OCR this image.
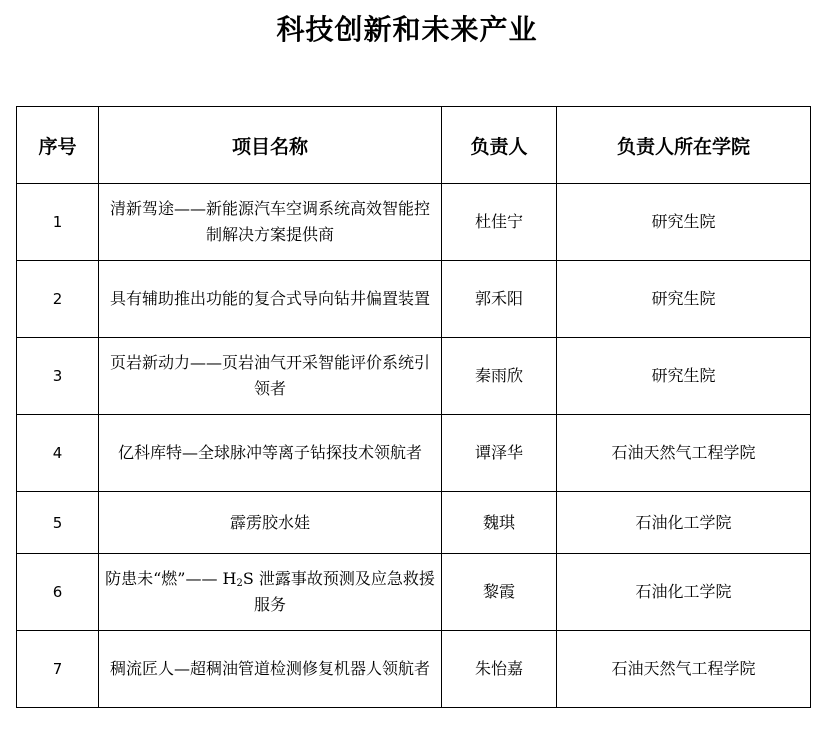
科技创新和未来产业
序号	项目名称	负责人	负责人所在学院
1	清新驾途——新能源汽车空调系统高效智能控制解决方案提供商	杜佳宁	研究生院
2	具有辅助推出功能的复合式导向钻井偏置装置	郭禾阳	研究生院
3	页岩新动力——页岩油气开采智能评价系统引领者	秦雨欣	研究生院
4	亿科库特—全球脉冲等离子钻探技术领航者	谭泽华	石油天然气工程学院
5	霹雳胶水娃	魏琪	石油化工学院
6	防患未“燃”—— $H_2S$ 泄露事故预测及应急救援服务	黎霞	石油化工学院
7	稠流匠人—超稠油管道检测修复机器人领航者	朱怡嘉	石油天然气工程学院
